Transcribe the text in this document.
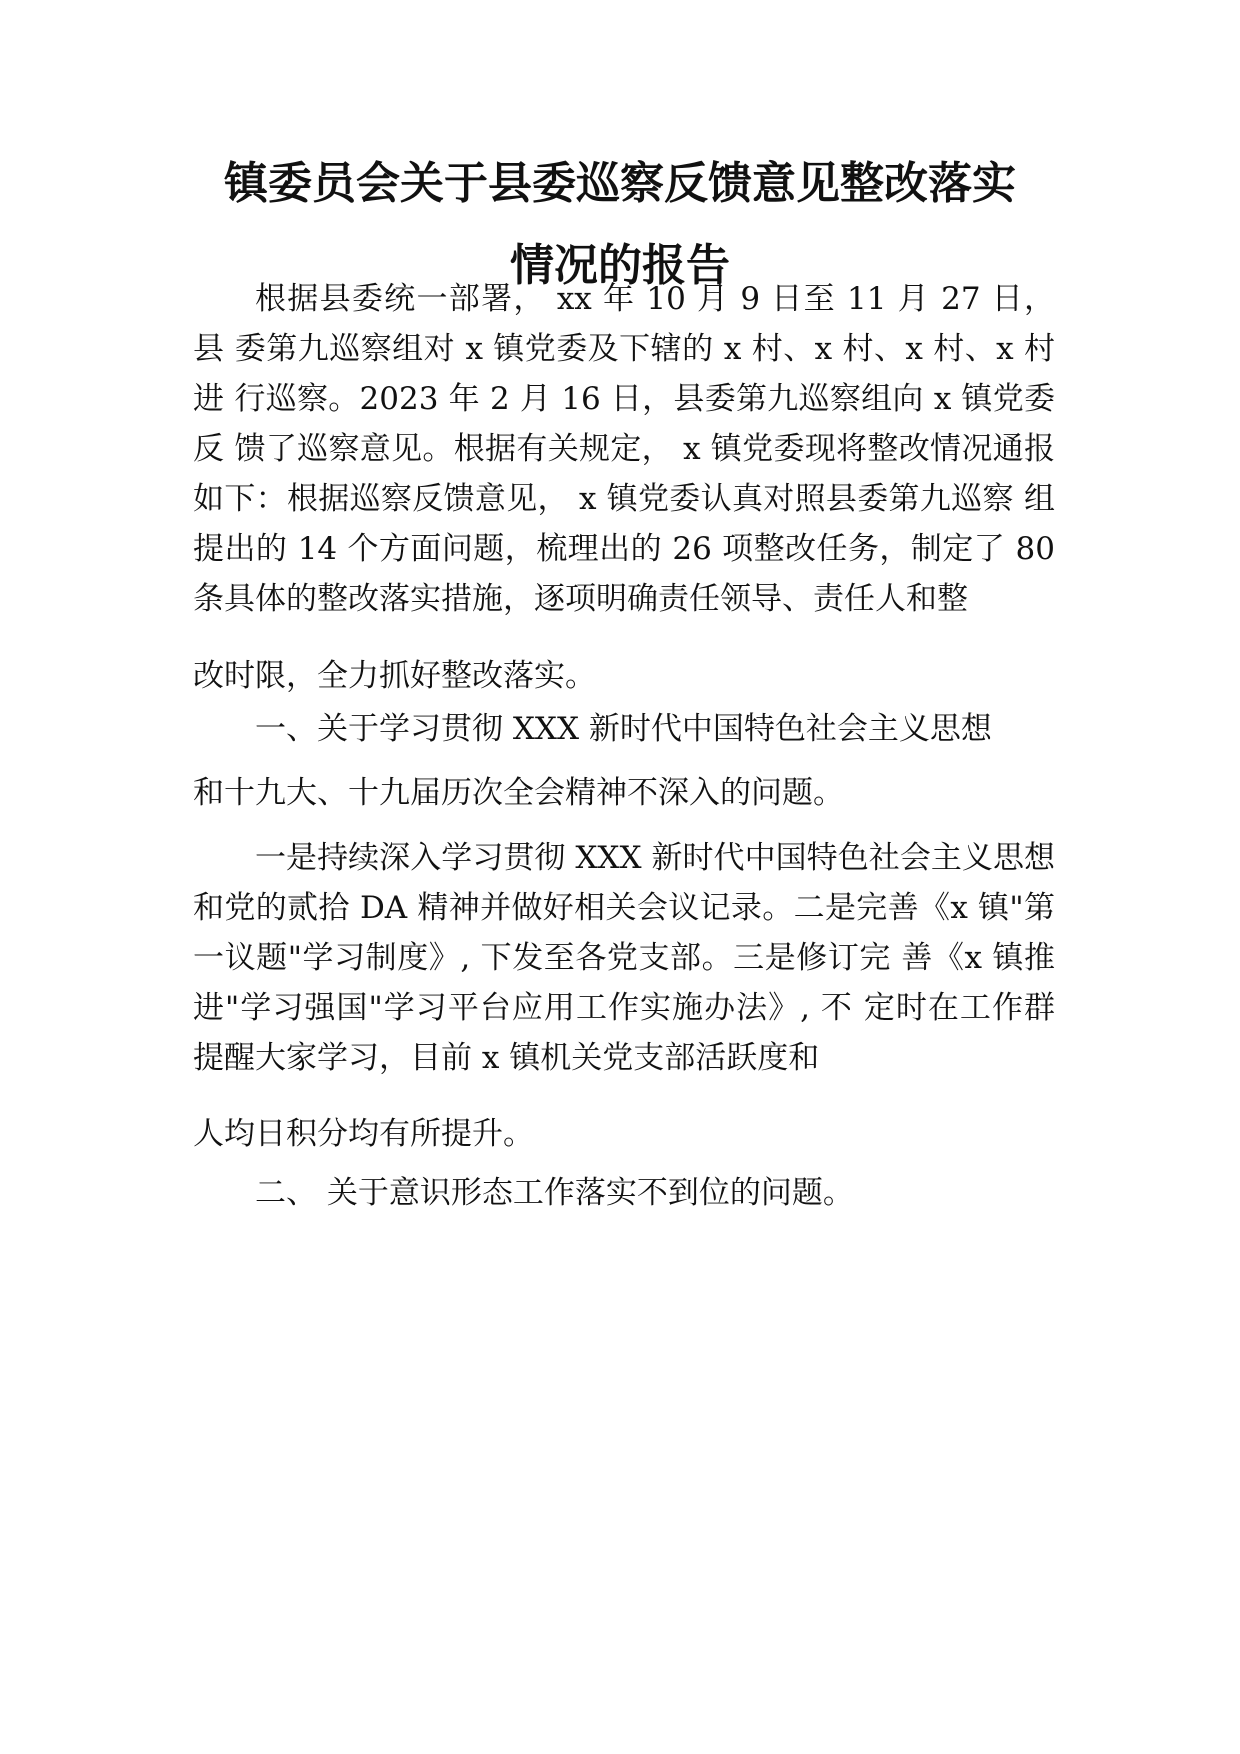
镇委员会关于县委巡察反馈意见整改落实
情况的报告

根据县委统一部署， xx 年 10 月 9 日至 11 月 27 日， 县 委第九巡察组对 x 镇党委及下辖的 x 村、x 村、x 村、x 村进 行巡察。2023 年 2 月 16 日，县委第九巡察组向 x 镇党委反 馈了巡察意见。根据有关规定， x 镇党委现将整改情况通报 如下：根据巡察反馈意见， x 镇党委认真对照县委第九巡察 组提出的 14 个方面问题，梳理出的 26 项整改任务，制定了 80 条具体的整改落实措施，逐项明确责任领导、责任人和整

改时限，全力抓好整改落实。

一、关于学习贯彻 XXX 新时代中国特色社会主义思想

和十九大、十九届历次全会精神不深入的问题。

一是持续深入学习贯彻 XXX 新时代中国特色社会主义思想和党的贰拾 DA 精神并做好相关会议记录。二是完善《x 镇"第一议题"学习制度》, 下发至各党支部。三是修订完 善《x 镇推进"学习强国"学习平台应用工作实施办法》, 不 定时在工作群提醒大家学习，目前 x 镇机关党支部活跃度和

人均日积分均有所提升。

二、 关于意识形态工作落实不到位的问题。
